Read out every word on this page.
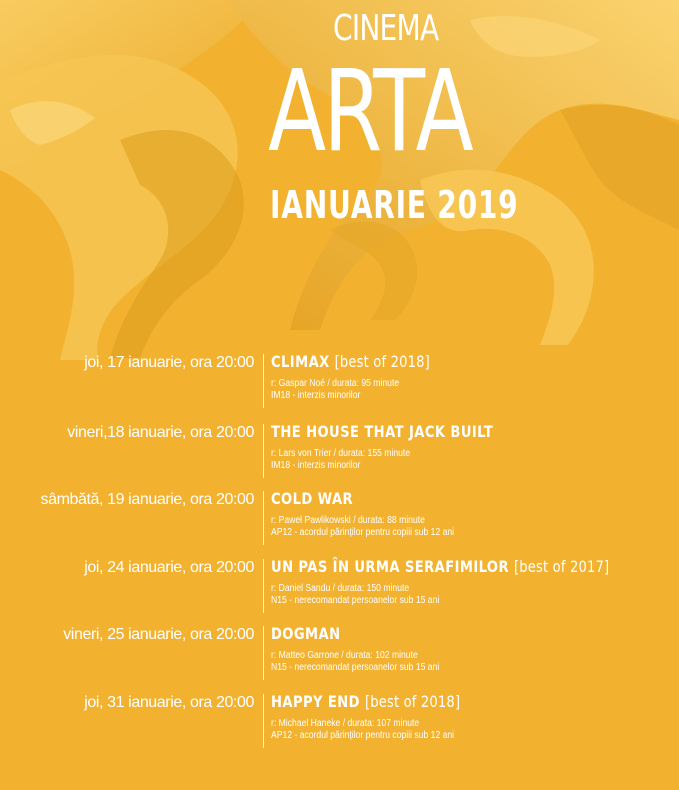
CINEMA
ARTA
IANUARIE 2019
joi, 17 ianuarie, ora 20:00 CLIMAX [best of 2018]
r: Gaspar Noé / durata: 95 minute
IM18 - interzis minorilor
vineri,18 ianuarie, ora 20:00 THE HOUSE THAT JACK BUILT
r: Lars von Trier / durata: 155 minute
IM18 - interzis minorilor
sâmbătă, 19 ianuarie, ora 20:00 COLD WAR
r: Paweł Pawlikowski / durata: 88 minute
AP12 - acordul părinților pentru copiii sub 12 ani
joi, 24 ianuarie, ora 20:00 UN PAS ÎN URMA SERAFIMILOR [best of 2017]
r: Daniel Sandu / durata: 150 minute
N15 - nerecomandat persoanelor sub 15 ani
vineri, 25 ianuarie, ora 20:00 DOGMAN
r: Matteo Garrone / durata: 102 minute
N15 - nerecomandat persoanelor sub 15 ani
joi, 31 ianuarie, ora 20:00 HAPPY END [best of 2018]
r: Michael Haneke / durata: 107 minute
AP12 - acordul părinților pentru copiii sub 12 ani
